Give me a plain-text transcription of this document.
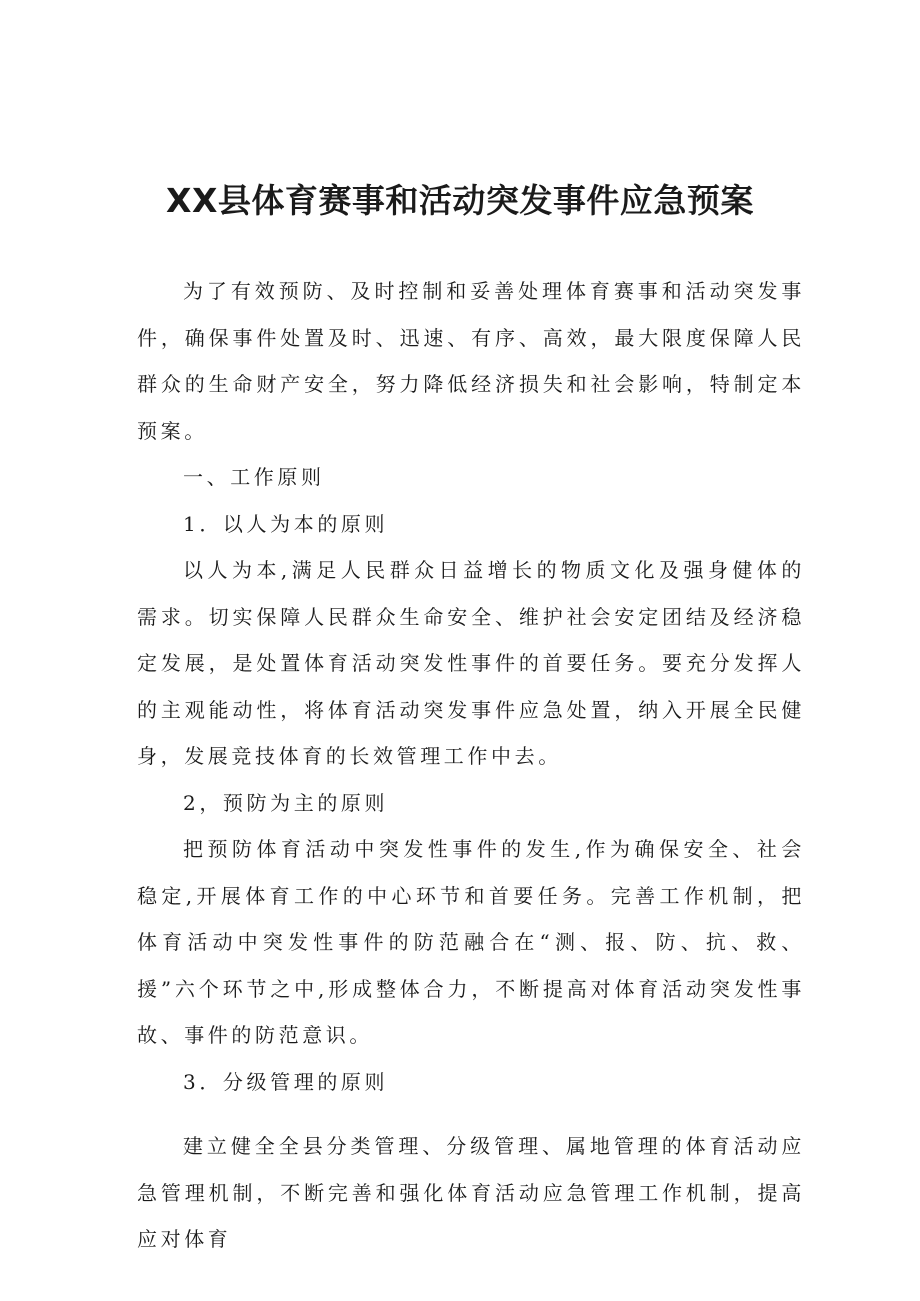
XX县体育赛事和活动突发事件应急预案

为了有效预防、及时控制和妥善处理体育赛事和活动突发事件，确保事件处置及时、迅速、有序、高效，最大限度保障人民群众的生命财产安全，努力降低经济损失和社会影响，特制定本预案。

一、工作原则

1．以人为本的原则

以人为本,满足人民群众日益增长的物质文化及强身健体的需求。切实保障人民群众生命安全、维护社会安定团结及经济稳定发展，是处置体育活动突发性事件的首要任务。要充分发挥人的主观能动性，将体育活动突发事件应急处置，纳入开展全民健身，发展竞技体育的长效管理工作中去。

2，预防为主的原则

把预防体育活动中突发性事件的发生,作为确保安全、社会稳定,开展体育工作的中心环节和首要任务。完善工作机制，把体育活动中突发性事件的防范融合在“测、报、防、抗、救、援”六个环节之中,形成整体合力，不断提高对体育活动突发性事故、事件的防范意识。

3．分级管理的原则

建立健全全县分类管理、分级管理、属地管理的体育活动应急管理机制，不断完善和强化体育活动应急管理工作机制，提高应对体育
